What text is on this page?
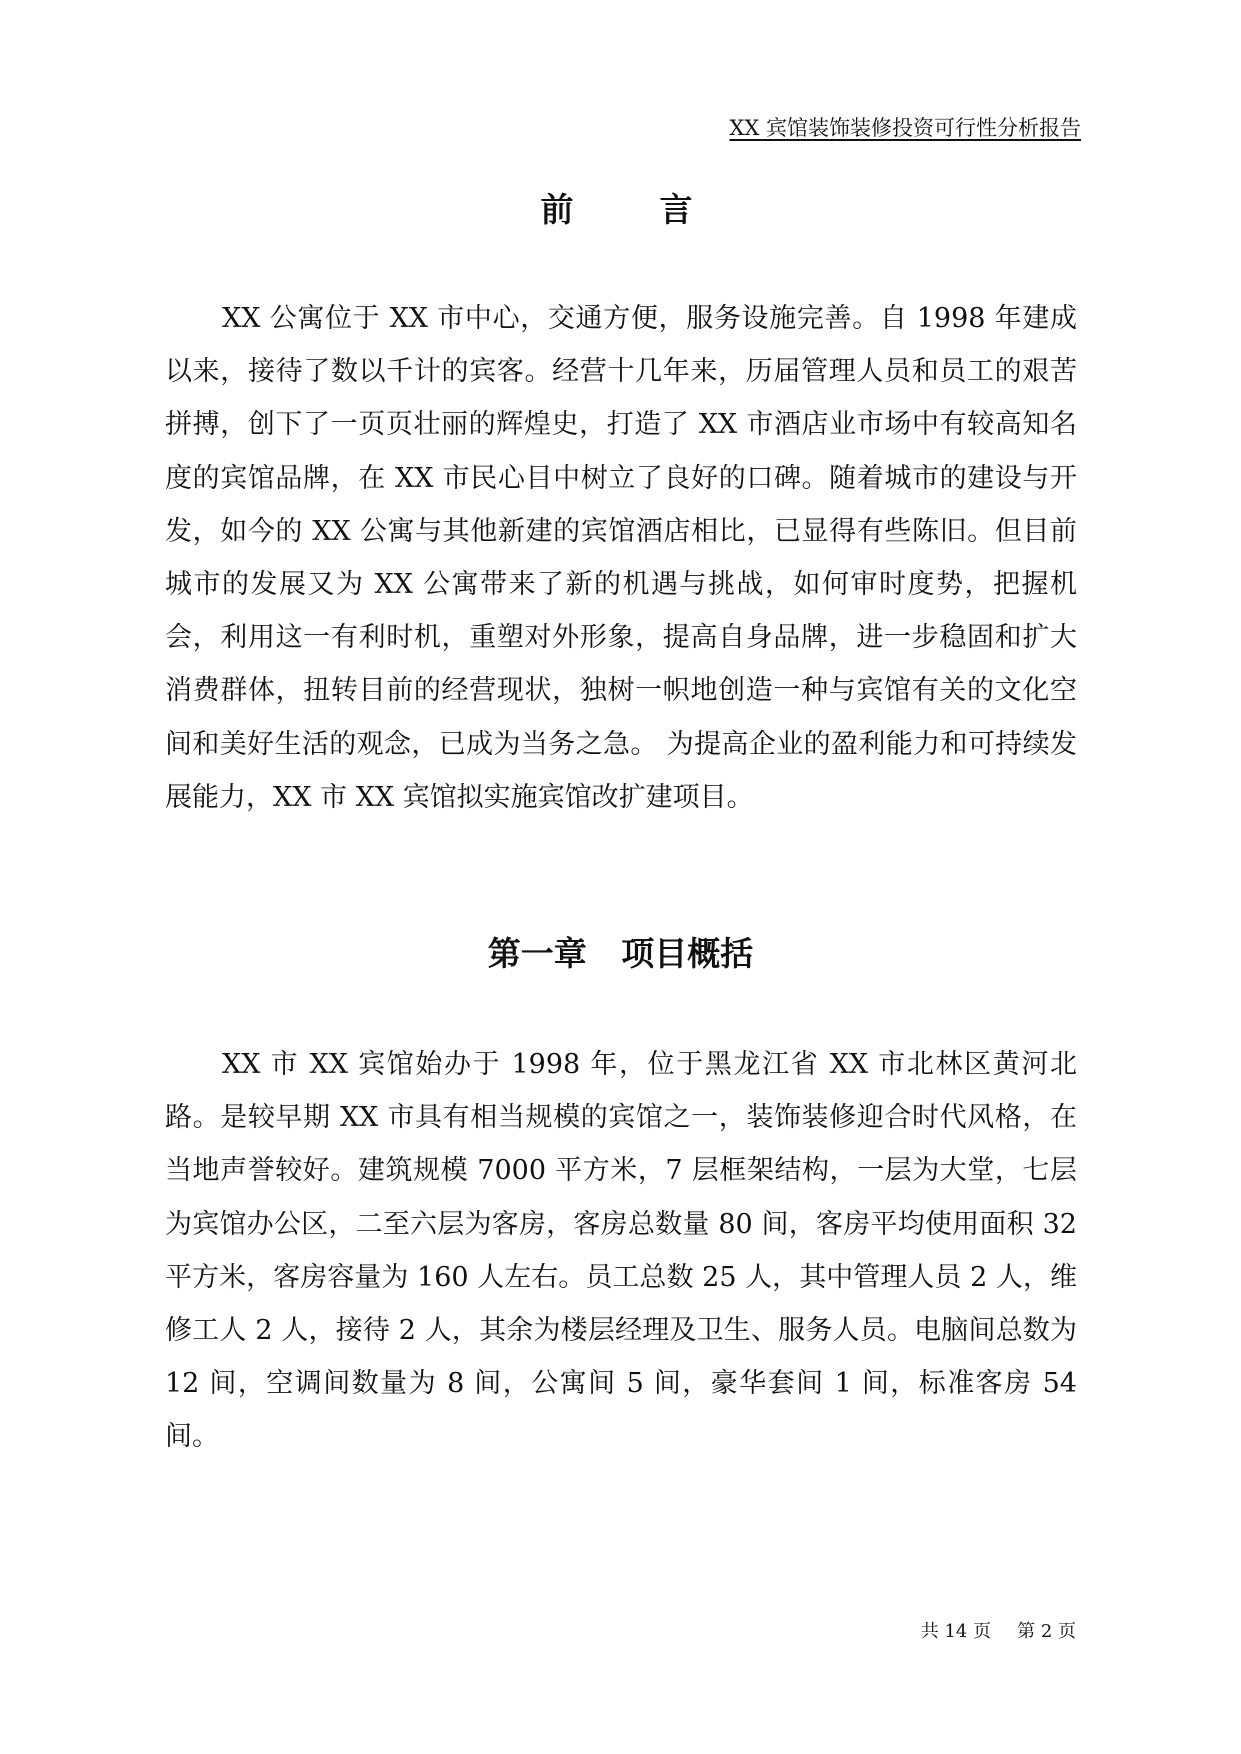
XX 宾馆装饰装修投资可行性分析报告
前    言

XX 公寓位于 XX 市中心，交通方便，服务设施完善。自 1998 年建成以来，接待了数以千计的宾客。经营十几年来，历届管理人员和员工的艰苦拼搏，创下了一页页壮丽的辉煌史，打造了 XX 市酒店业市场中有较高知名度的宾馆品牌，在 XX 市民心目中树立了良好的口碑。随着城市的建设与开发，如今的 XX 公寓与其他新建的宾馆酒店相比，已显得有些陈旧。但目前城市的发展又为 XX 公寓带来了新的机遇与挑战，如何审时度势，把握机会，利用这一有利时机，重塑对外形象，提高自身品牌，进一步稳固和扩大消费群体，扭转目前的经营现状，独树一帜地创造一种与宾馆有关的文化空间和美好生活的观念，已成为当务之急。 为提高企业的盈利能力和可持续发展能力，XX 市 XX 宾馆拟实施宾馆改扩建项目。

第一章   项目概括

XX 市 XX 宾馆始办于 1998 年，位于黑龙江省 XX 市北林区黄河北路。是较早期 XX 市具有相当规模的宾馆之一，装饰装修迎合时代风格，在当地声誉较好。建筑规模 7000 平方米，7 层框架结构，一层为大堂，七层为宾馆办公区，二至六层为客房，客房总数量 80 间，客房平均使用面积 32 平方米，客房容量为 160 人左右。员工总数 25 人，其中管理人员 2 人，维修工人 2 人，接待 2 人，其余为楼层经理及卫生、服务人员。电脑间总数为 12 间，空调间数量为 8 间，公寓间 5 间，豪华套间 1 间，标准客房 54 间。

共 14 页 第 2 页
